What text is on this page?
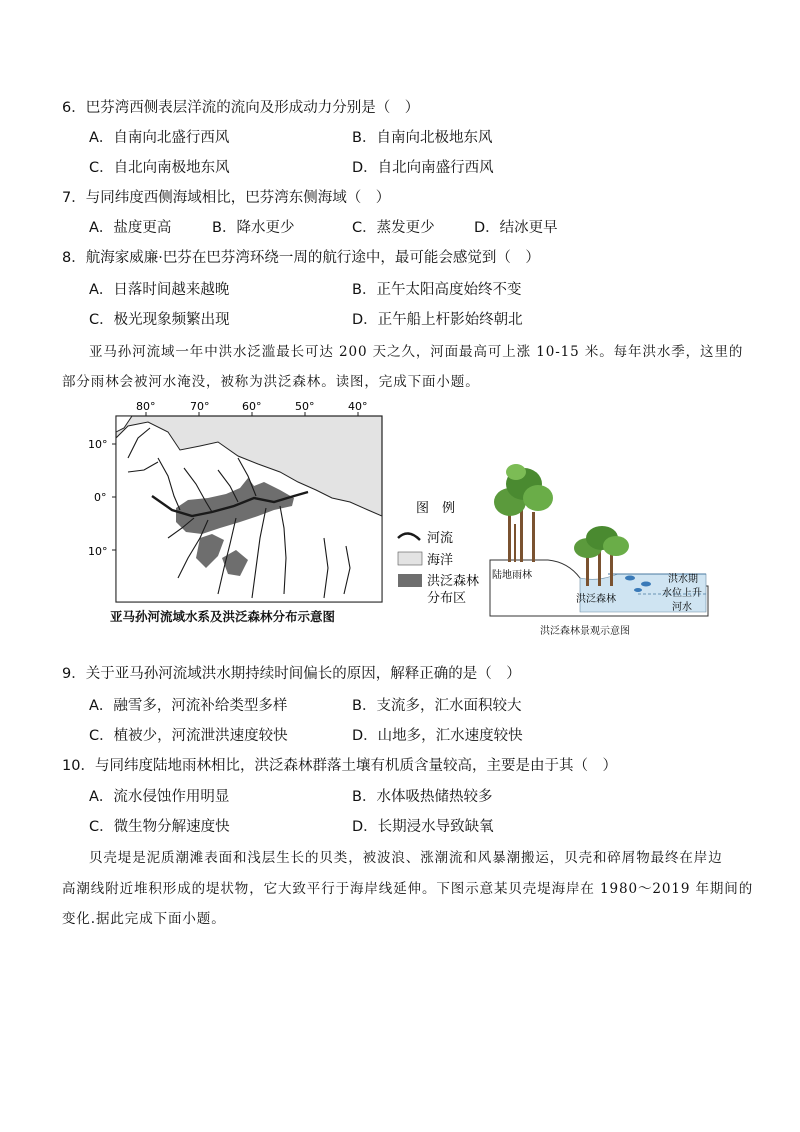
6．巴芬湾西侧表层洋流的流向及形成动力分别是（　）
A．自南向北盛行西风	B．自南向北极地东风
C．自北向南极地东风	D．自北向南盛行西风
7．与同纬度西侧海域相比，巴芬湾东侧海域（　）
A．盐度更高	B．降水更少	C．蒸发更少	D．结冰更早
8．航海家威廉·巴芬在巴芬湾环绕一周的航行途中，最可能会感觉到（　）
A．日落时间越来越晚	B．正午太阳高度始终不变
C．极光现象频繁出现	D．正午船上杆影始终朝北
亚马孙河流域一年中洪水泛滥最长可达 200 天之久，河面最高可上涨 10-15 米。每年洪水季，这里的
部分雨林会被河水淹没，被称为洪泛森林。读图，完成下面小题。
80°	70°	60°	50°	40°
10°
0°
10°
亚马孙河流域水系及洪泛森林分布示意图
图　例
河流
海洋
洪泛森林
分布区
陆地雨林
洪泛森林
洪水期
水位上升
河水
洪泛森林景观示意图
9．关于亚马孙河流域洪水期持续时间偏长的原因，解释正确的是（　）
A．融雪多，河流补给类型多样	B．支流多，汇水面积较大
C．植被少，河流泄洪速度较快	D．山地多，汇水速度较快
10．与同纬度陆地雨林相比，洪泛森林群落土壤有机质含量较高，主要是由于其（　）
A．流水侵蚀作用明显	B．水体吸热储热较多
C．微生物分解速度快	D．长期浸水导致缺氧
贝壳堤是泥质潮滩表面和浅层生长的贝类，被波浪、涨潮流和风暴潮搬运，贝壳和碎屑物最终在岸边
高潮线附近堆积形成的堤状物，它大致平行于海岸线延伸。下图示意某贝壳堤海岸在 1980～2019 年期间的
变化.据此完成下面小题。
